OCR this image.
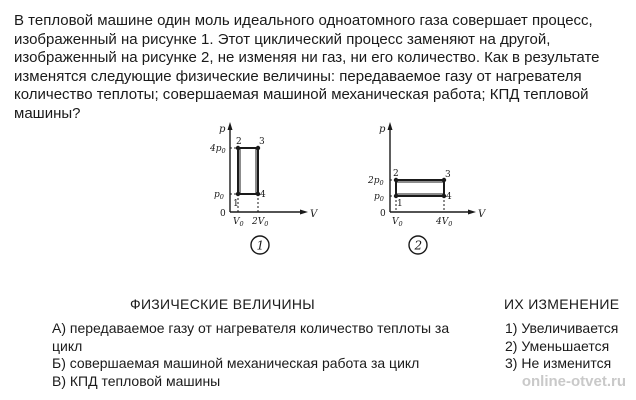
В тепловой машине один моль идеального одноатомного газа совершает процесс, изображенный на рисунке 1. Этот циклический процесс заменяют на другой, изображенный на рисунке 2, не изменяя ни газ, ни его количество. Как в результате изменятся следующие физические величины: передаваемое газу от нагревателя количество теплоты; совершаемая машиной механическая работа; КПД тепловой машины?

p
V
0
$4p_0$
$p_0$
$V_0$ $2V_0$
1
2 3
4
1
p
V
0
$2p_0$
$p_0$
$V_0$	$4V_0$
1
2	3
4
2
ФИЗИЧЕСКИЕ ВЕЛИЧИНЫ	ИХ ИЗМЕНЕНИЕ

А) передаваемое газу от нагревателя количество теплоты за цикл

Б) совершаемая машиной механическая работа за цикл

В) КПД тепловой машины

1) Увеличивается
2) Уменьшается
3) Не изменится
online-otvet.ru
